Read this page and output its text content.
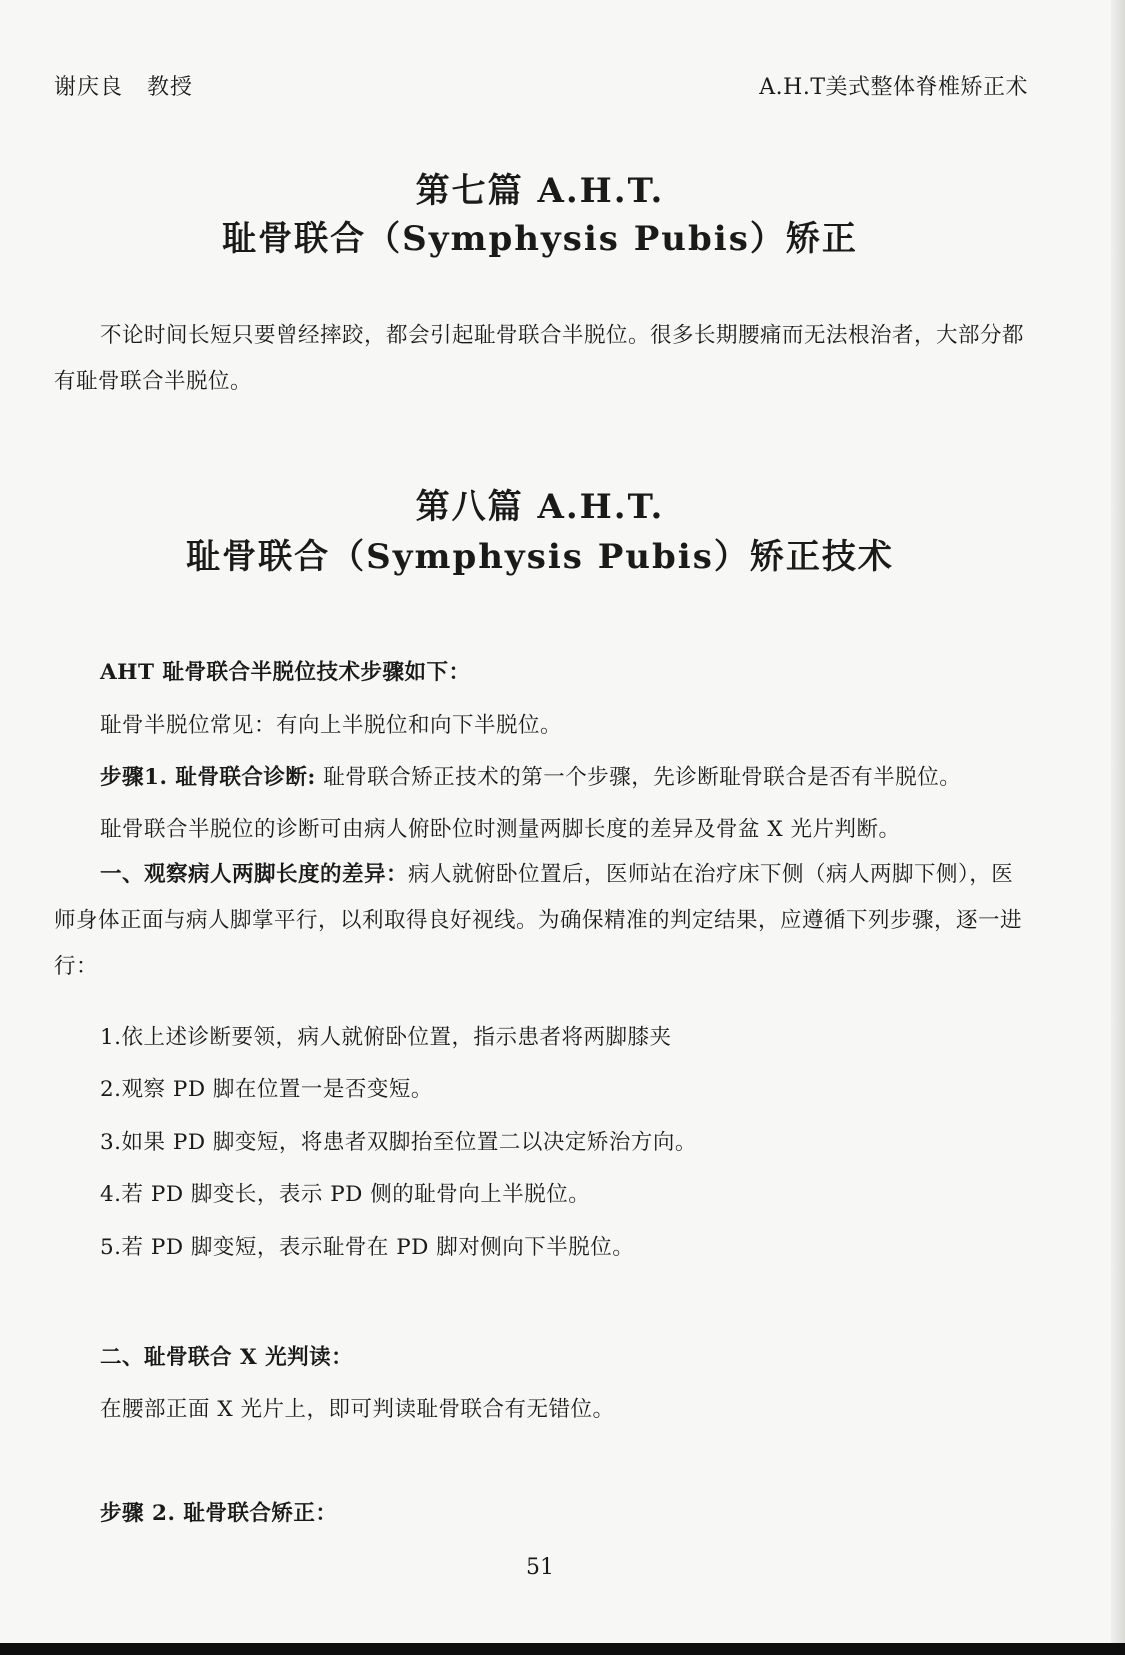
谢庆良 教授	A.H.T美式整体脊椎矫正术
第七篇 A.H.T.
耻骨联合（Symphysis Pubis）矫正
不论时间长短只要曾经摔跤，都会引起耻骨联合半脱位。很多长期腰痛而无法根治者，大部分都有耻骨联合半脱位。
第八篇 A.H.T.
耻骨联合（Symphysis Pubis）矫正技术
AHT 耻骨联合半脱位技术步骤如下：
耻骨半脱位常见：有向上半脱位和向下半脱位。
步骤1. 耻骨联合诊断: 耻骨联合矫正技术的第一个步骤，先诊断耻骨联合是否有半脱位。
耻骨联合半脱位的诊断可由病人俯卧位时测量两脚长度的差异及骨盆 X 光片判断。
一、观察病人两脚长度的差异：病人就俯卧位置后，医师站在治疗床下侧（病人两脚下侧），医师身体正面与病人脚掌平行，以利取得良好视线。为确保精准的判定结果，应遵循下列步骤，逐一进行：
1.依上述诊断要领，病人就俯卧位置，指示患者将两脚膝夹
2.观察 PD 脚在位置一是否变短。
3.如果 PD 脚变短，将患者双脚抬至位置二以决定矫治方向。
4.若 PD 脚变长，表示 PD 侧的耻骨向上半脱位。
5.若 PD 脚变短，表示耻骨在 PD 脚对侧向下半脱位。
二、耻骨联合 X 光判读：
在腰部正面 X 光片上，即可判读耻骨联合有无错位。
步骤 2. 耻骨联合矫正：
51
